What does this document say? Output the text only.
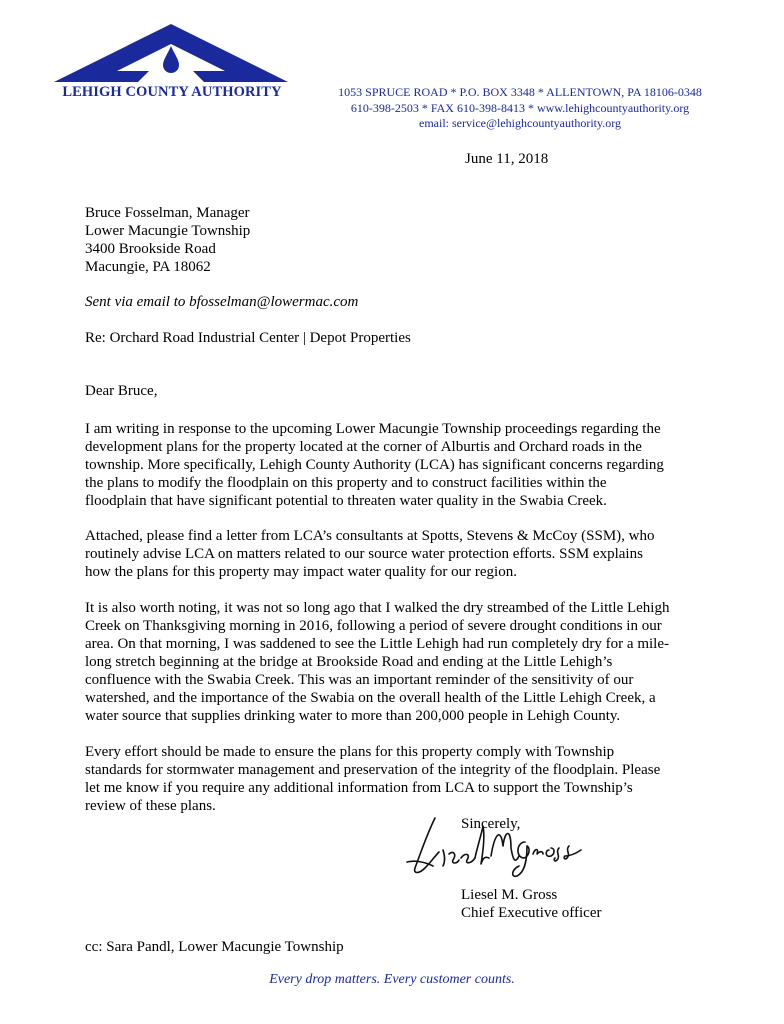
LEHIGH COUNTY AUTHORITY	1053 SPRUCE ROAD * P.O. BOX 3348 * ALLENTOWN, PA 18106-0348
610-398-2503 * FAX 610-398-8413 * www.lehighcountyauthority.org
email: service@lehighcountyauthority.org
June 11, 2018
Bruce Fosselman, Manager
Lower Macungie Township
3400 Brookside Road
Macungie, PA 18062
Sent via email to bfosselman@lowermac.com
Re: Orchard Road Industrial Center | Depot Properties
Dear Bruce,
I am writing in response to the upcoming Lower Macungie Township proceedings regarding the
development plans for the property located at the corner of Alburtis and Orchard roads in the
township. More specifically, Lehigh County Authority (LCA) has significant concerns regarding
the plans to modify the floodplain on this property and to construct facilities within the
floodplain that have significant potential to threaten water quality in the Swabia Creek.
Attached, please find a letter from LCA’s consultants at Spotts, Stevens & McCoy (SSM), who
routinely advise LCA on matters related to our source water protection efforts. SSM explains
how the plans for this property may impact water quality for our region.
It is also worth noting, it was not so long ago that I walked the dry streambed of the Little Lehigh
Creek on Thanksgiving morning in 2016, following a period of severe drought conditions in our
area. On that morning, I was saddened to see the Little Lehigh had run completely dry for a mile-
long stretch beginning at the bridge at Brookside Road and ending at the Little Lehigh’s
confluence with the Swabia Creek. This was an important reminder of the sensitivity of our
watershed, and the importance of the Swabia on the overall health of the Little Lehigh Creek, a
water source that supplies drinking water to more than 200,000 people in Lehigh County.
Every effort should be made to ensure the plans for this property comply with Township
standards for stormwater management and preservation of the integrity of the floodplain. Please
let me know if you require any additional information from LCA to support the Township’s
review of these plans.
Sincerely,
Liesel M. Gross
Chief Executive officer
cc: Sara Pandl, Lower Macungie Township
Every drop matters. Every customer counts.
